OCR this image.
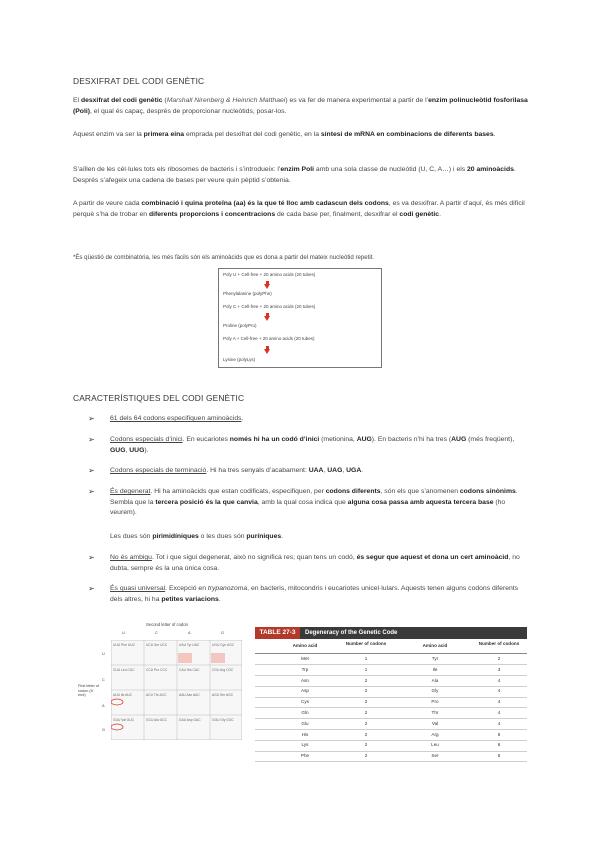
DESXIFRAT DEL CODI GENÈTIC
El desxifrat del codi genètic (Marshall Nirenberg & Heinrich Matthaei) es va fer de manera experimental a partir de l’enzim polinucleòtid fosforilasa (Poli), el qual és capaç, després de proporcionar nucleòtids, posar-los.
Aquest enzim va ser la primera eina emprada pel desxifrat del codi genètic, en la síntesi de mRNA en combinacions de diferents bases.
S’aïllen de les cèl·lules tots els ribosomes de bacteris i s’introdueix: l’enzim Poli amb una sola classe de nucleòtid (U, C, A…) i els 20 aminoàcids. Després s’afegeix una cadena de bases per veure quin pèptid s’obtenia.
A partir de veure cada combinació i quina proteïna (aa) és la que té lloc amb cadascun dels codons, es va desxifrar. A partir d’aquí, és més difícil perquè s’ha de trobar en diferents proporcions i concentracions de cada base per, finalment, desxifrar el codi genètic.
*És qüestió de combinatòria, les més fàcils són els aminoàcids que es dona a partir del mateix nucleòtid repetit.
Poly U + Cell-free + 20 amino acids (20 tubes)
Phenylalanine (polyPhe)
Poly C + Cell-free + 20 amino acids (20 tubes)
Proline (polyPro)
Poly A + Cell-free + 20 amino acids (20 tubes)
Lysine (polyLys)
CARACTERÍSTIQUES DEL CODI GENÈTIC
➢ 61 dels 64 codons especifiquen aminoàcids.
➢ Codons especials d’inici. En eucariotes només hi ha un codó d’inici (metionina, AUG). En bacteris n’hi ha tres (AUG (més freqüent), GUG, UUG).
➢ Codons especials de terminació. Hi ha tres senyals d’acabament: UAA, UAG, UGA.
➢ És degenerat. Hi ha aminoàcids que estan codificats, especifiquen, per codons diferents, són els que s’anomenen codons sinònims. Sembla que la tercera posició és la que canvia, amb la qual cosa indica que alguna cosa passa amb aquesta tercera base (ho veurem).
Les dues són pirimidíniques o les dues són puríniques.
➢ No és ambigu. Tot i que sigui degenerat, això no significa res; quan tens un codó, és segur que aquest et dona un cert aminoàcid, no dubta, sempre és la una única cosa.
➢ És quasi universal. Excepció en trypanozoma, en bacteris, mitocondris i eucariotes unicel·lulars. Aquests tenen alguns codons diferents dels altres, hi ha petites variacions.
Second letter of codon
U	C	A	G
U
C
A
G
First letter of codon (5' end)
UUU Phe UUC	UCU Ser UCC	UAU Tyr UAC	UGU Cys UGC
CUU Leu CUC	CCU Pro CCC	CAU His CAC	CGU Arg CGC
AUU Ile AUC	ACU Thr ACC	AAU Asn AAC	AGU Ser AGC
GUU Val GUC	GCU Ala GCC	GAU Asp GAC	GGU Gly GGC
TABLE 27-3	Degeneracy of the Genetic Code
Amino acid	Number of codons	Amino acid	Number of codons
Met	1	Tyr	2
Trp	1	Ile	3
Asn	2	Ala	4
Asp	2	Gly	4
Cys	2	Pro	4
Gln	2	Thr	4
Glu	2	Val	4
His	2	Arg	6
Lys	2	Leu	6
Phe	2	Ser	6
